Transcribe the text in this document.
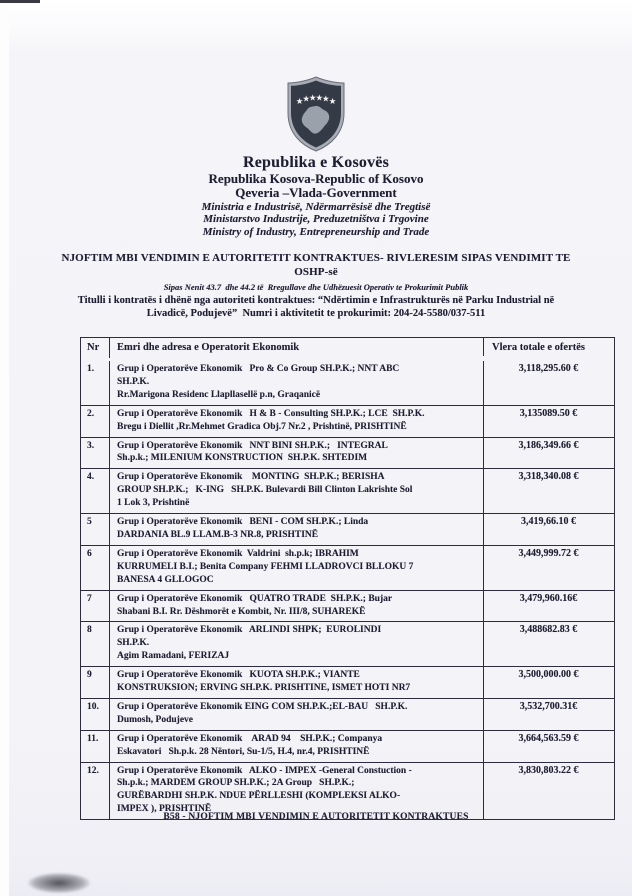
★ ★
★
★
★ ★
Republika e Kosovës
Republika Kosova-Republic of Kosovo
Qeveria –Vlada-Government
Ministria e Industrisë, Ndërmarrësisë dhe Tregtisë
Ministarstvo Industrije, Preduzetništva i Trgovine
Ministry of Industry, Entrepreneurship and Trade
NJOFTIM MBI VENDIMIN E AUTORITETIT KONTRAKTUES- RIVLERESIM SIPAS VENDIMIT TE OSHP-së
Sipas Nenit 43.7  dhe 44.2 të  Rregullave dhe Udhëzuesit Operativ te Prokurimit Publik
Titulli i kontratës i dhënë nga autoriteti kontraktues: “Ndërtimin e Infrastrukturës në Parku Industrial në Livadicë, Podujevë”  Numri i aktivitetit te prokurimit: 204-24-5580/037-511
Nr	Emri dhe adresa e Operatorit Ekonomik	Vlera totale e ofertës
1.	Grup i Operatorëve Ekonomik   Pro & Co Group SH.P.K.; NNT ABC
SH.P.K.
Rr.Marigona Residenc Llapllasellë p.n, Graqanicë
3,118,295.60 €
2.	Grup i Operatorëve Ekonomik   H & B - Consulting SH.P.K.; LCE  SH.P.K.
Bregu i Diellit ,Rr.Mehmet Gradica Obj.7 Nr.2 , Prishtinë, PRISHTINË
3,135089.50 €
3.	Grup i Operatorëve Ekonomik   NNT BINI SH.P.K.;   INTEGRAL
Sh.p.k.; MILENIUM KONSTRUCTION  SH.P.K. SHTEDIM
3,186,349.66 €
4.	Grup i Operatorëve Ekonomik    MONTING  SH.P.K.; BERISHA
GROUP SH.P.K.;   K-ING   SH.P.K. Bulevardi Bill Clinton Lakrishte Sol
1 Lok 3, Prishtinë
3,318,340.08 €
5	Grup i Operatorëve Ekonomik   BENI - COM SH.P.K.; Linda
DARDANIA BL.9 LLAM.B-3 NR.8, PRISHTINË
3,419,66.10 €
6	Grup i Operatorëve Ekonomik  Valdrini  sh.p.k; IBRAHIM
KURRUMELI B.I.; Benita Company FEHMI LLADROVCI BLLOKU 7
BANESA 4 GLLOGOC
3,449,999.72 €
7	Grup i Operatorëve Ekonomik   QUATRO TRADE  SH.P.K.; Bujar
Shabani B.I. Rr. Dëshmorët e Kombit, Nr. III/8, SUHAREKË
3,479,960.16€
8	Grup i Operatorëve Ekonomik   ARLINDI SHPK;  EUROLINDI
SH.P.K.
Agim Ramadani, FERIZAJ
3,488682.83 €
9	Grup i Operatorëve Ekonomik   KUOTA SH.P.K.; VIANTE
KONSTRUKSION; ERVING SH.P.K. PRISHTINE, ISMET HOTI NR7
3,500,000.00 €
10.	Grup i Operatorëve Ekonomik EING COM SH.P.K.;EL-BAU   SH.P.K.
Dumosh, Podujeve
3,532,700.31€
11.	Grup i Operatorëve Ekonomik    ARAD 94    SH.P.K.; Companya
Eskavatori   Sh.p.k. 28 Nëntori, Su-1/5, H.4, nr.4, PRISHTINË
3,664,563.59 €
12.	Grup i Operatorëve Ekonomik   ALKO - IMPEX -General Constuction -
Sh.p.k.; MARDEM GROUP SH.P.K.; 2A Group   SH.P.K.;
GURËBARDHI SH.P.K. NDUE PËRLLESHI (KOMPLEKSI ALKO-
IMPEX ), PRISHTINË
3,830,803.22 €
B58 - NJOFTIM MBI VENDIMIN E AUTORITETIT KONTRAKTUES
